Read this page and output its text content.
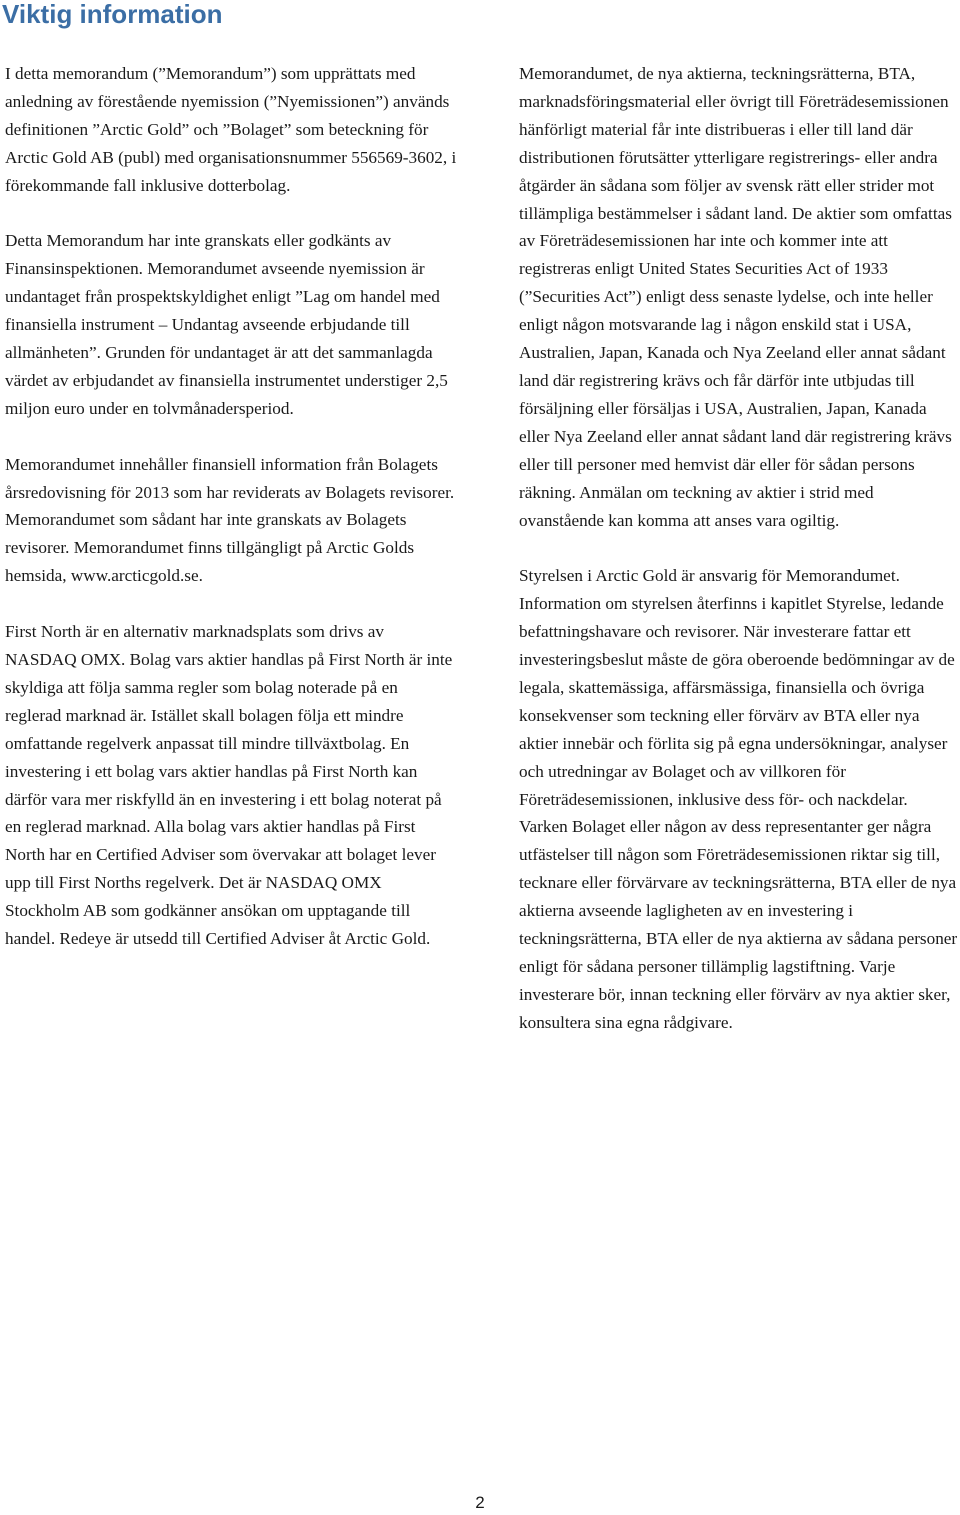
Viktig information

I detta memorandum (”Memorandum”) som upprättats med anledning av förestående nyemission (”Nyemissionen”) används definitionen ”Arctic Gold” och ”Bolaget” som beteckning för Arctic Gold AB (publ) med organisationsnummer 556569-3602, i förekommande fall inklusive dotterbolag.

Detta Memorandum har inte granskats eller godkänts av Finansinspektionen. Memorandumet avseende nyemission är undantaget från prospektskyldighet enligt ”Lag om handel med finansiella instrument – Undantag avseende erbjudande till allmänheten”. Grunden för undantaget är att det sammanlagda värdet av erbjudandet av finansiella instrumentet understiger 2,5 miljon euro under en tolvmånadersperiod.

Memorandumet innehåller finansiell information från Bolagets årsredovisning för 2013 som har reviderats av Bolagets revisorer. Memorandumet som sådant har inte granskats av Bolagets revisorer. Memorandumet finns tillgängligt på Arctic Golds hemsida, www.arcticgold.se.

First North är en alternativ marknadsplats som drivs av NASDAQ OMX. Bolag vars aktier handlas på First North är inte skyldiga att följa samma regler som bolag noterade på en reglerad marknad är. Istället skall bolagen följa ett mindre omfattande regelverk anpassat till mindre tillväxtbolag. En investering i ett bolag vars aktier handlas på First North kan därför vara mer riskfylld än en investering i ett bolag noterat på en reglerad marknad. Alla bolag vars aktier handlas på First North har en Certified Adviser som övervakar att bolaget lever upp till First Norths regelverk. Det är NASDAQ OMX Stockholm AB som godkänner ansökan om upptagande till handel. Redeye är utsedd till Certified Adviser åt Arctic Gold.

Memorandumet, de nya aktierna, teckningsrätterna, BTA, marknadsföringsmaterial eller övrigt till Företrädesemissionen hänförligt material får inte distribueras i eller till land där distributionen förutsätter ytterligare registrerings- eller andra åtgärder än sådana som följer av svensk rätt eller strider mot tillämpliga bestämmelser i sådant land. De aktier som omfattas av Företrädesemissionen har inte och kommer inte att registreras enligt United States Securities Act of 1933 (”Securities Act”) enligt dess senaste lydelse, och inte heller enligt någon motsvarande lag i någon enskild stat i USA, Australien, Japan, Kanada och Nya Zeeland eller annat sådant land där registrering krävs och får därför inte utbjudas till försäljning eller försäljas i USA, Australien, Japan, Kanada eller Nya Zeeland eller annat sådant land där registrering krävs eller till personer med hemvist där eller för sådan persons räkning. Anmälan om teckning av aktier i strid med ovanstående kan komma att anses vara ogiltig.

Styrelsen i Arctic Gold är ansvarig för Memorandumet. Information om styrelsen återfinns i kapitlet Styrelse, ledande befattningshavare och revisorer. När investerare fattar ett investeringsbeslut måste de göra oberoende bedömningar av de legala, skattemässiga, affärsmässiga, finansiella och övriga konsekvenser som teckning eller förvärv av BTA eller nya aktier innebär och förlita sig på egna undersökningar, analyser och utredningar av Bolaget och av villkoren för Företrädesemissionen, inklusive dess för- och nackdelar. Varken Bolaget eller någon av dess representanter ger några utfästelser till någon som Företrädesemissionen riktar sig till, tecknare eller förvärvare av teckningsrätterna, BTA eller de nya aktierna avseende lagligheten av en investering i teckningsrätterna, BTA eller de nya aktierna av sådana personer enligt för sådana personer tillämplig lagstiftning. Varje investerare bör, innan teckning eller förvärv av nya aktier sker, konsultera sina egna rådgivare.

2
